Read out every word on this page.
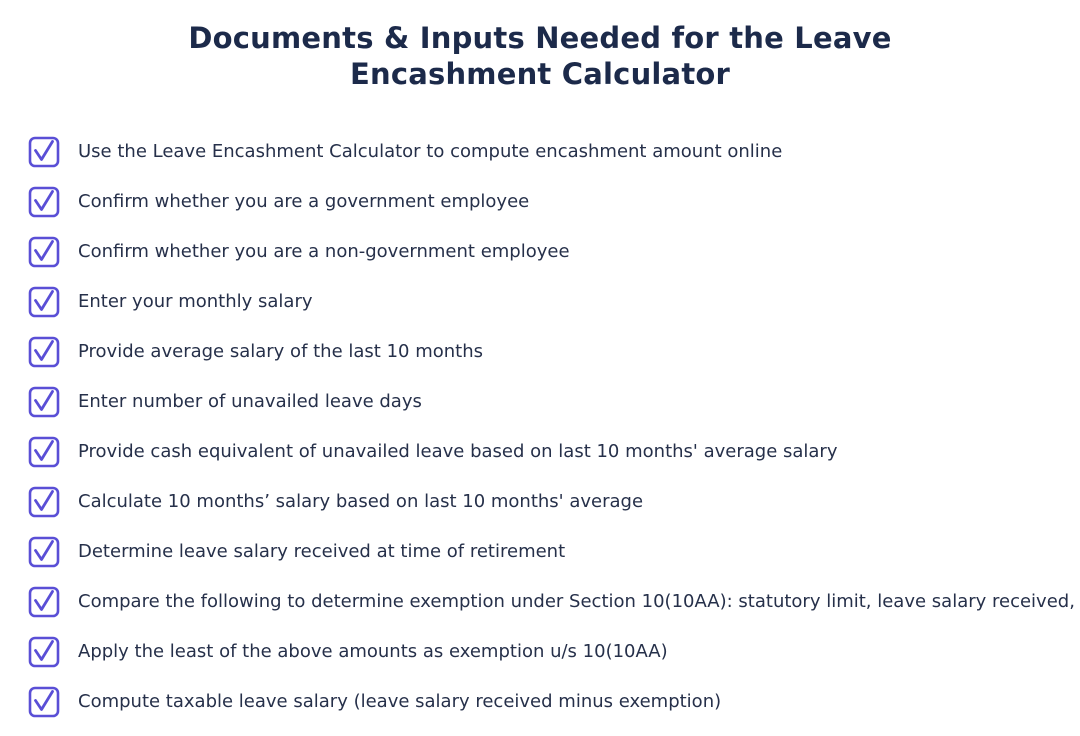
Documents & Inputs Needed for the Leave
Encashment Calculator
Use the Leave Encashment Calculator to compute encashment amount online
Confirm whether you are a government employee
Confirm whether you are a non-government employee
Enter your monthly salary
Provide average salary of the last 10 months
Enter number of unavailed leave days
Provide cash equivalent of unavailed leave based on last 10 months' average salary
Calculate 10 months’ salary based on last 10 months' average
Determine leave salary received at time of retirement
Compare the following to determine exemption under Section 10(10AA): statutory limit, leave salary received,
Apply the least of the above amounts as exemption u/s 10(10AA)
Compute taxable leave salary (leave salary received minus exemption)
